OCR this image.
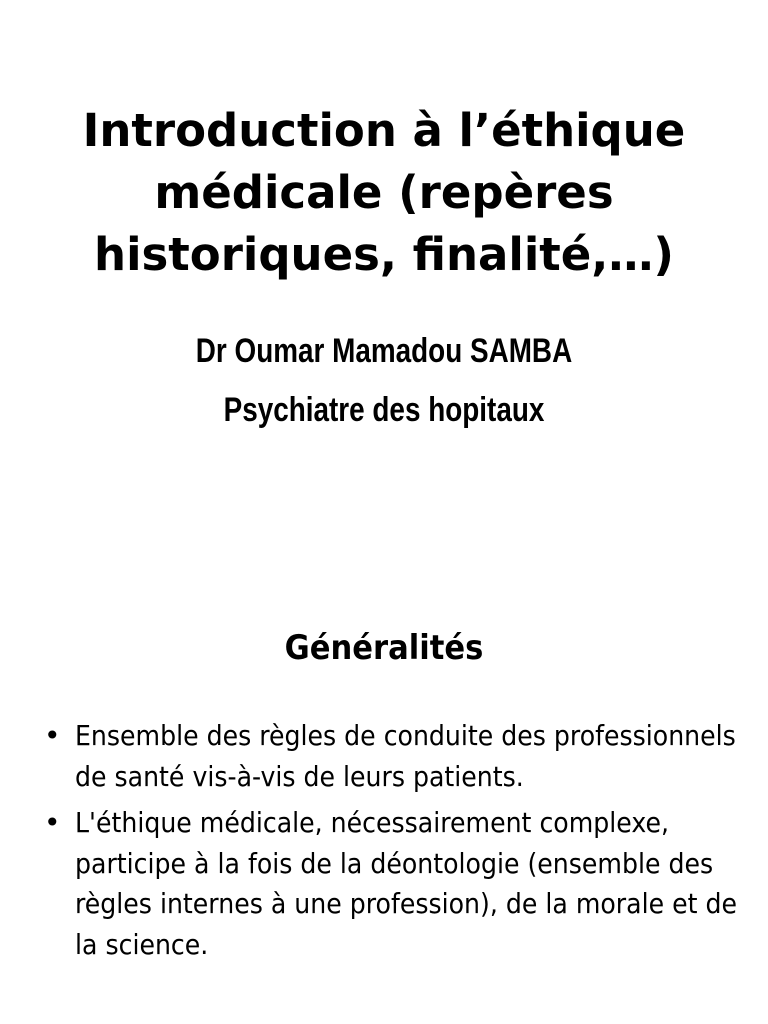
Introduction à l’éthique médicale (repères historiques, finalité,…)
Dr Oumar Mamadou SAMBA
Psychiatre des hopitaux
Généralités
• Ensemble des règles de conduite des professionnels de santé vis-à-vis de leurs patients.
• L'éthique médicale, nécessairement complexe, participe à la fois de la déontologie (ensemble des règles internes à une profession), de la morale et de la science.
